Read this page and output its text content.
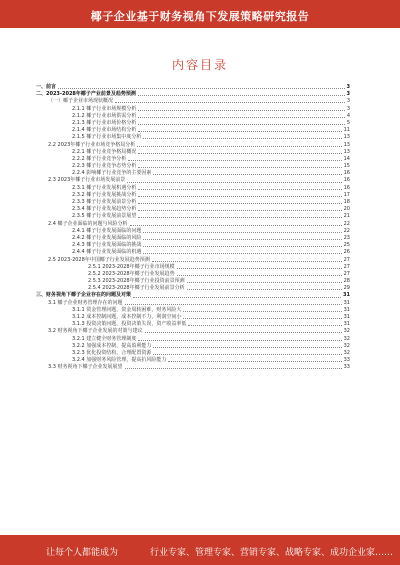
椰子企业基于财务视角下发展策略研究报告
内容目录
一、前言	3
二、2023-2028年椰子产业前景及趋势预测	3
（一）椰子企业市场现状概况	3
2.1.1 椰子行业市场规模分析	3
2.1.2 椰子行业市场供需分析	4
2.1.3 椰子行业市场价格分析	5
2.1.4 椰子行业市场结构分析	11
2.1.5 椰子行业市场集中度分析	13
2.2 2023年椰子行业市场竞争格局分析	13
2.2.1 椰子行业竞争格局概况	13
2.2.2 椰子行业竞争分析	14
2.2.3 椰子行业竞争态势分析	15
2.2.4 影响椰子行业竞争的主要因素	16
2.3 2023年椰子行业市场发展前景	16
2.3.1 椰子行业发展机遇分析	16
2.3.2 椰子行业发展挑战分析	17
2.3.3 椰子行业发展前景分析	18
2.3.4 椰子行业发展趋势分析	20
2.3.5 椰子行业发展前景展望	21
2.4 椰子企业面临的问题与风险分析	22
2.4.1 椰子行业发展面临的问题	22
2.4.2 椰子行业发展面临的风险	23
2.4.3 椰子行业发展面临的挑战	25
2.4.4 椰子行业发展面临的机遇	26
2.5 2023-2028年中国椰子行业发展趋势预测	27
2.5.1 2023-2028年椰子行业市场规模	27
2.5.2 2023-2028年椰子行业发展趋势	27
2.5.3 2023-2028年椰子行业投资前景预测	28
2.5.4 2023-2028年椰子行业发展前景分析	29
三、财务视角下椰子企业存在的问题及对策	31
3.1 椰子企业财务管理存在的问题	31
3.1.1 资金管理问题，资金周转困难，财务风险大	31
3.1.2 成本控制问题，成本控制不力，利润空间小	31
3.1.3 投资决策问题，投资决策失误，资产收益率低	31
3.2 财务视角下椰子企业发展的对策与建议	32
3.2.1 建立健全财务管理制度	32
3.2.2 加强成本控制，提高盈利能力	32
3.2.3 优化投资结构，合理配置资源	32
3.2.4 加强财务风险管理，提高抗风险能力	33
3.3 财务视角下椰子企业发展展望	33
让每个人都能成为	行业专家、管理专家、营销专家、战略专家、成功企业家……
